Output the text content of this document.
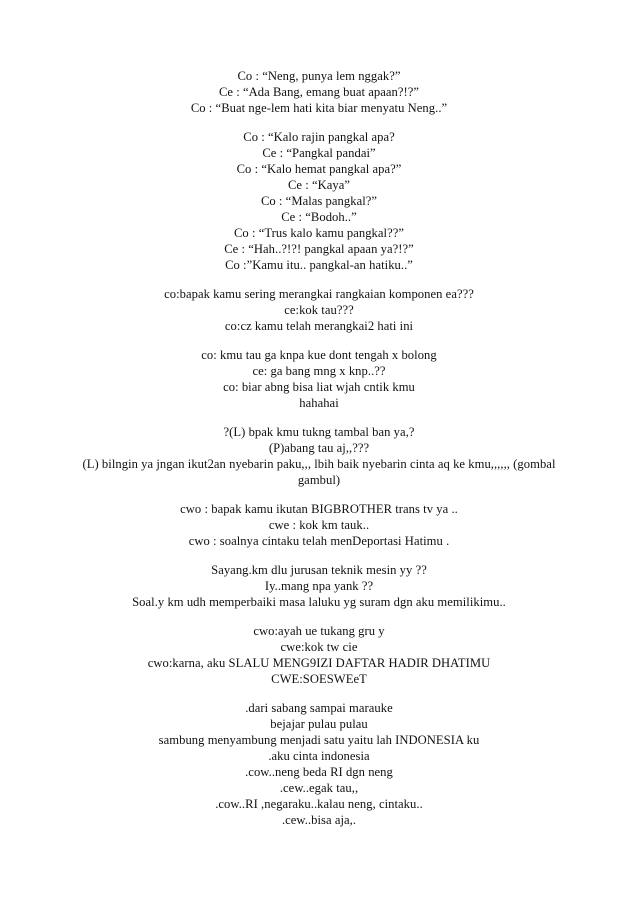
Co : “Neng, punya lem nggak?”
Ce : “Ada Bang, emang buat apaan?!?”
Co : “Buat nge-lem hati kita biar menyatu Neng..”
Co : “Kalo rajin pangkal apa?
Ce : “Pangkal pandai”
Co : “Kalo hemat pangkal apa?”
Ce : “Kaya”
Co : “Malas pangkal?”
Ce : “Bodoh..”
Co : “Trus kalo kamu pangkal??”
Ce : “Hah..?!?! pangkal apaan ya?!?”
Co :”Kamu itu.. pangkal-an hatiku..”
co:bapak kamu sering merangkai rangkaian komponen ea???
ce:kok tau???
co:cz kamu telah merangkai2 hati ini
co: kmu tau ga knpa kue dont tengah x bolong
ce: ga bang mng x knp..??
co: biar abng bisa liat wjah cntik kmu
hahahai
?(L) bpak kmu tukng tambal ban ya,?
(P)abang tau aj,,???
(L) bilngin ya jngan ikut2an nyebarin paku,,, lbih baik nyebarin cinta aq ke kmu,,,,,, (gombal
gambul)
cwo : bapak kamu ikutan BIGBROTHER trans tv ya ..
cwe : kok km tauk..
cwo : soalnya cintaku telah menDeportasi Hatimu .
Sayang.km dlu jurusan teknik mesin yy ??
Iy..mang npa yank ??
Soal.y km udh memperbaiki masa laluku yg suram dgn aku memilikimu..
cwo:ayah ue tukang gru y
cwe:kok tw cie
cwo:karna, aku SLALU MENG9IZI DAFTAR HADIR DHATIMU
CWE:SOESWEeT
.dari sabang sampai marauke
bejajar pulau pulau
sambung menyambung menjadi satu yaitu lah INDONESIA ku
.aku cinta indonesia
.cow..neng beda RI dgn neng
.cew..egak tau,,
.cow..RI ,negaraku..kalau neng, cintaku..
.cew..bisa aja,.
